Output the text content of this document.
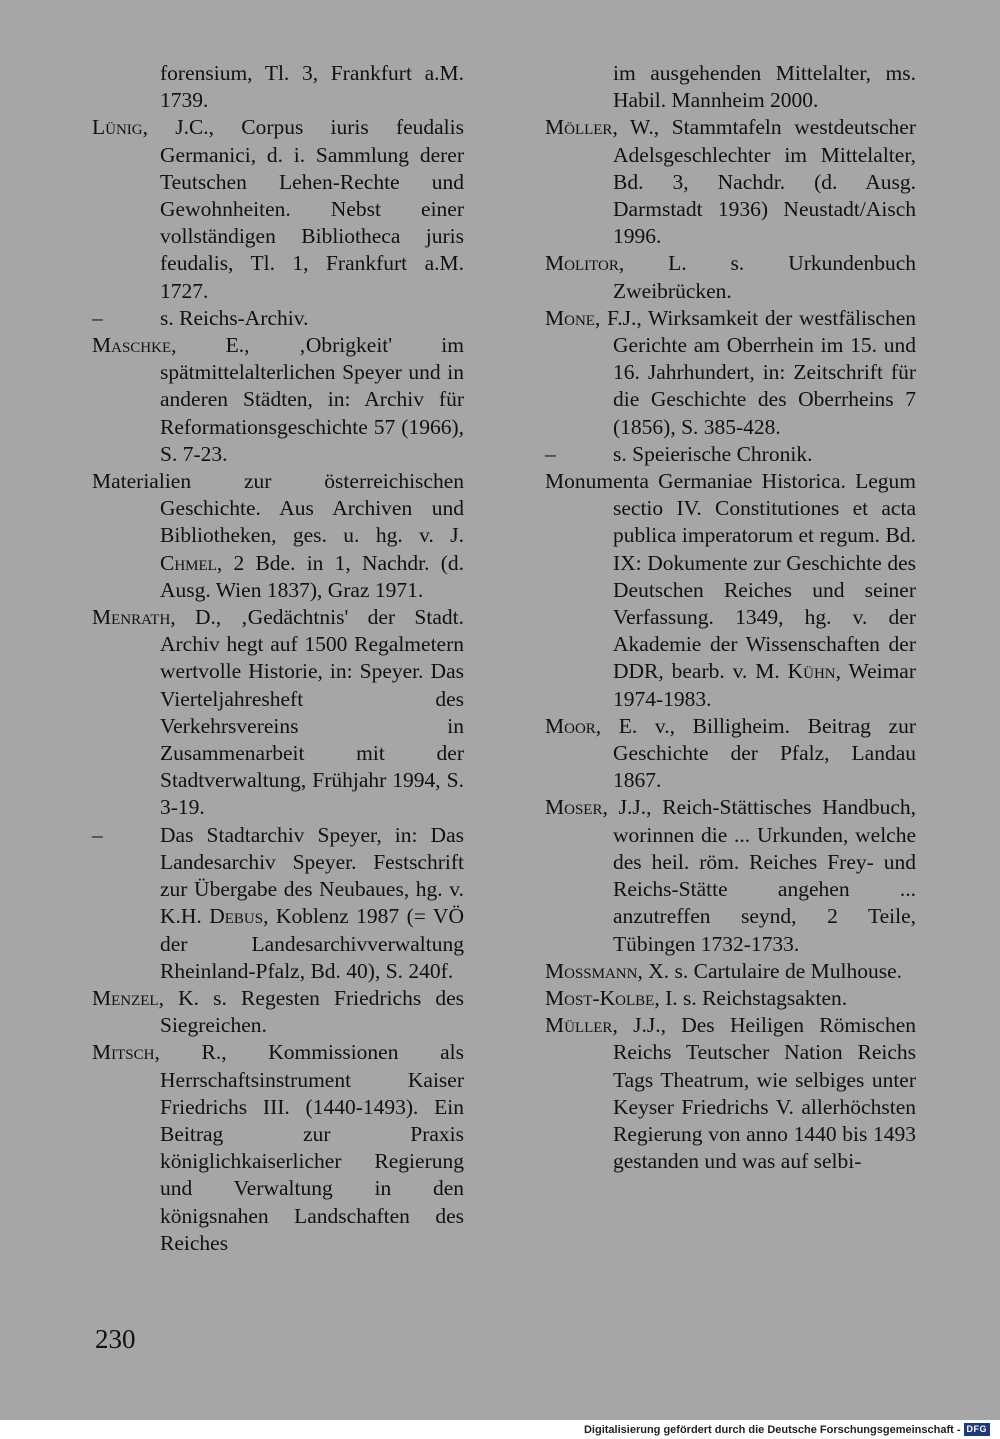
forensium, Tl. 3, Frankfurt a.M. 1739.

Lünig, J.C., Corpus iuris feudalis Germanici, d. i. Sammlung derer Teutschen Lehen-Rechte und Gewohnheiten. Nebst einer vollständigen Bibliotheca juris feudalis, Tl. 1, Frankfurt a.M. 1727.

–	s. Reichs-Archiv.

Maschke, E., ‚Obrigkeit' im spätmittelalterlichen Speyer und in anderen Städten, in: Archiv für Reformationsgeschichte 57 (1966), S. 7-23.

Materialien zur österreichischen Geschichte. Aus Archiven und Bibliotheken, ges. u. hg. v. J. Chmel, 2 Bde. in 1, Nachdr. (d. Ausg. Wien 1837), Graz 1971.

Menrath, D., ‚Gedächtnis' der Stadt. Archiv hegt auf 1500 Regalmetern wertvolle Historie, in: Speyer. Das Vierteljahresheft des Verkehrsvereins in Zusammenarbeit mit der Stadtverwaltung, Frühjahr 1994, S. 3-19.

–	Das Stadtarchiv Speyer, in: Das Landesarchiv Speyer. Festschrift zur Übergabe des Neubaues, hg. v. K.H. Debus, Koblenz 1987 (= VÖ der Landesarchivverwaltung Rheinland-Pfalz, Bd. 40), S. 240f.

Menzel, K. s. Regesten Friedrichs des Siegreichen.

Mitsch, R., Kommissionen als Herrschaftsinstrument Kaiser Friedrichs III. (1440-1493). Ein Beitrag zur Praxis königlichkaiserlicher Regierung und Verwaltung in den königsnahen Landschaften des Reiches

im ausgehenden Mittelalter, ms. Habil. Mannheim 2000.

Möller, W., Stammtafeln westdeutscher Adelsgeschlechter im Mittelalter, Bd. 3, Nachdr. (d. Ausg. Darmstadt 1936) Neustadt/Aisch 1996.

Molitor, L. s. Urkundenbuch Zweibrücken.

Mone, F.J., Wirksamkeit der westfälischen Gerichte am Oberrhein im 15. und 16. Jahrhundert, in: Zeitschrift für die Geschichte des Oberrheins 7 (1856), S. 385-428.

–	s. Speierische Chronik.

Monumenta Germaniae Historica. Legum sectio IV. Constitutiones et acta publica imperatorum et regum. Bd. IX: Dokumente zur Geschichte des Deutschen Reiches und seiner Verfassung. 1349, hg. v. der Akademie der Wissenschaften der DDR, bearb. v. M. Kühn, Weimar 1974-1983.

Moor, E. v., Billigheim. Beitrag zur Geschichte der Pfalz, Landau 1867.

Moser, J.J., Reich-Stättisches Handbuch, worinnen die ... Urkunden, welche des heil. röm. Reiches Frey- und Reichs-Stätte angehen ... anzutreffen seynd, 2 Teile, Tübingen 1732-1733.

Mossmann, X. s. Cartulaire de Mulhouse.

Most-Kolbe, I. s. Reichstagsakten.

Müller, J.J., Des Heiligen Römischen Reichs Teutscher Nation Reichs Tags Theatrum, wie selbiges unter Keyser Friedrichs V. allerhöchsten Regierung von anno 1440 bis 1493 gestanden und was auf selbi-

230
Digitalisierung gefördert durch die Deutsche Forschungsgemeinschaft - DFG
